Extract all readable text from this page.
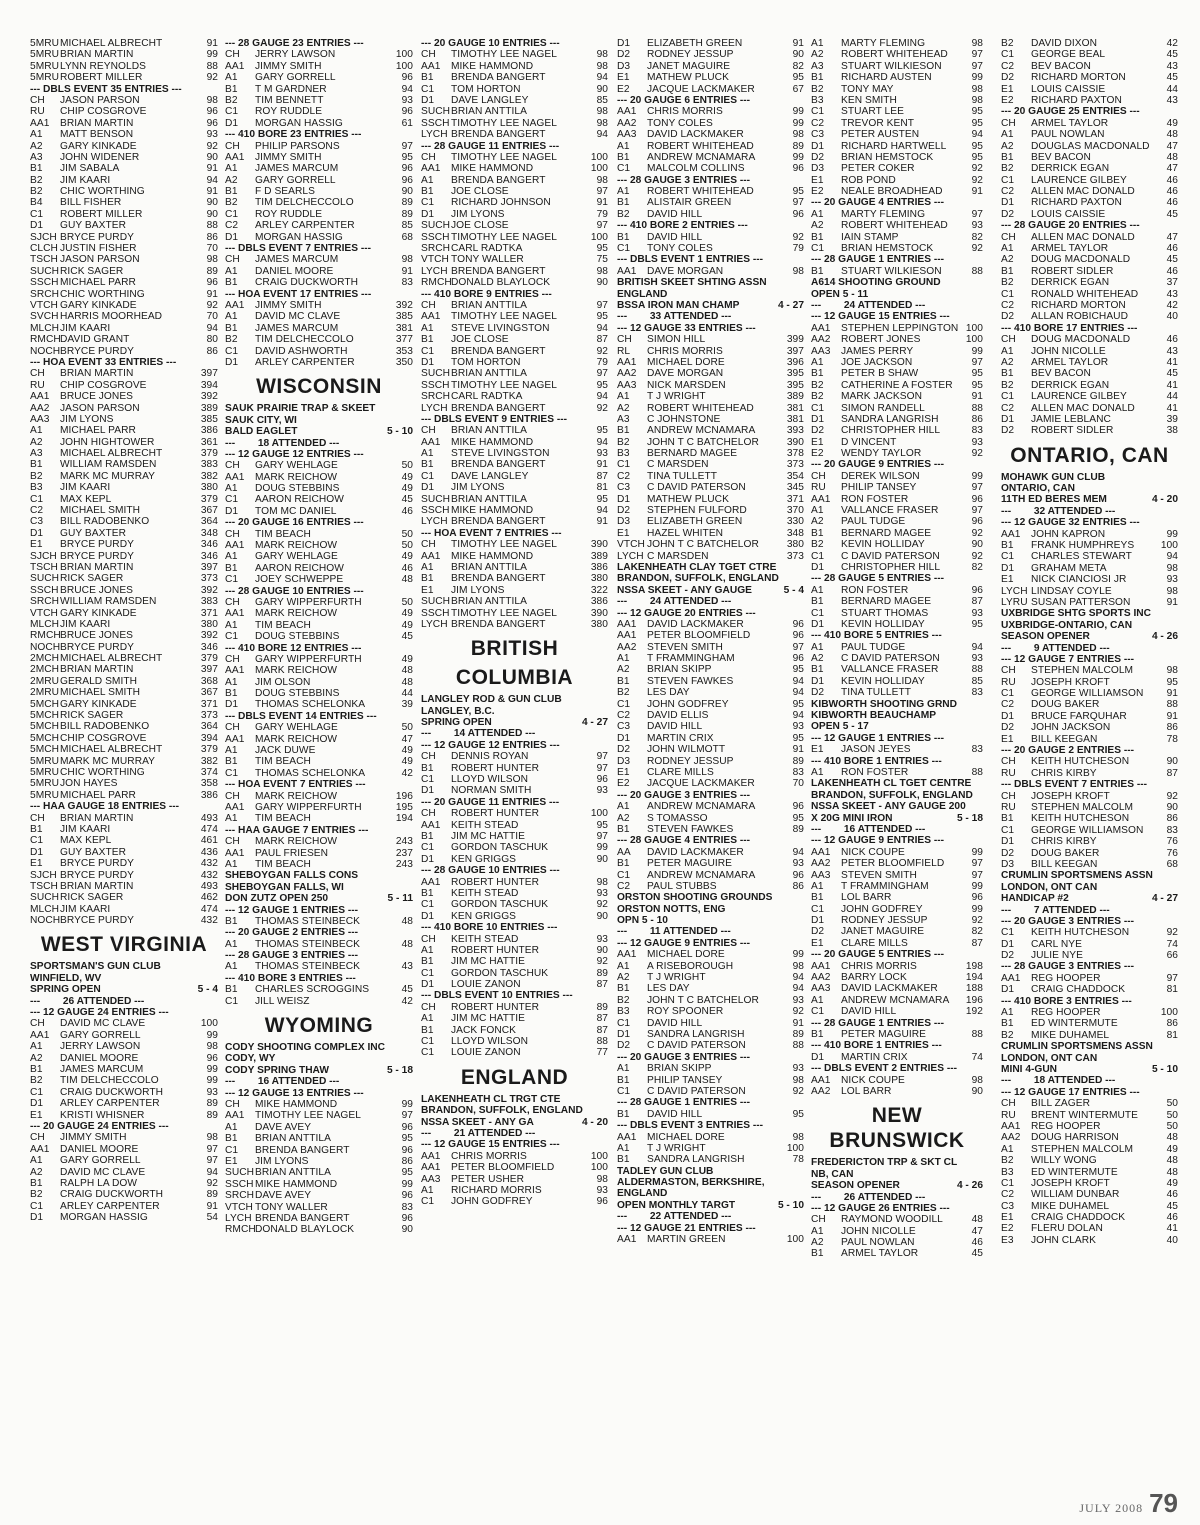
5MRU MICHAEL ALBRECHT	91
5MRU BRIAN MARTIN	99
5MRU LYNN REYNOLDS	88
5MRU ROBERT MILLER	92
--- DBLS EVENT 35 ENTRIES ---
CH	JASON PARSON	98
RU	CHIP COSGROVE	96
AA1	BRIAN MARTIN	96
A1	MATT BENSON	93
A2	GARY KINKADE	92
A3	JOHN WIDENER	90
B1	JIM SABALA	91
B2	JIM KAARI	94
B2	CHIC WORTHING	91
B4	BILL FISHER	90
C1	ROBERT MILLER	90
D1	GUY BAXTER	88
SJCH BRYCE PURDY	86
CLCH JUSTIN FISHER	70
TSCH JASON PARSON	98
SUCH RICK SAGER	89
SSCH MICHAEL PARR	96
SRCH CHIC WORTHING	91
VTCH GARY KINKADE	92
SVCH HARRIS MOORHEAD	70
MLCH JIM KAARI	94
RMCH DAVID GRANT	80
NOCH BRYCE PURDY	86
--- HOA EVENT 33 ENTRIES ---
CH	BRIAN MARTIN	397
RU	CHIP COSGROVE	394
AA1	BRUCE JONES	392
AA2	JASON PARSON	389
AA3	JIM LYONS	385
A1	MICHAEL PARR	386
A2	JOHN HIGHTOWER	361
A3	MICHAEL ALBRECHT	379
B1	WILLIAM RAMSDEN	383
B2	MARK MC MURRAY	382
B3	JIM KAARI	380
C1	MAX KEPL	379
C2	MICHAEL SMITH	367
C3	BILL RADOBENKO	364
D1	GUY BAXTER	348
E1	BRYCE PURDY	346
SJCH BRYCE PURDY	346
TSCH BRIAN MARTIN	397
SUCH RICK SAGER	373
SSCH BRUCE JONES	392
SRCH WILLIAM RAMSDEN	383
VTCH GARY KINKADE	371
MLCH JIM KAARI	380
RMCH BRUCE JONES	392
NOCH BRYCE PURDY	346
2MCH MICHAEL ALBRECHT	379
2MCH BRIAN MARTIN	397
2MRU GERALD SMITH	368
2MRU MICHAEL SMITH	367
5MCH GARY KINKADE	371
5MCH RICK SAGER	373
5MCH BILL RADOBENKO	364
5MCH CHIP COSGROVE	394
5MCH MICHAEL ALBRECHT	379
5MRU MARK MC MURRAY	382
5MRU CHIC WORTHING	374
5MRU JON HAYES	358
5MRU MICHAEL PARR	386
--- HAA GAUGE 18 ENTRIES ---
CH	BRIAN MARTIN	493
B1	JIM KAARI	474
C1	MAX KEPL	461
D1	GUY BAXTER	436
E1	BRYCE PURDY	432
SJCH BRYCE PURDY	432
TSCH BRIAN MARTIN	493
SUCH RICK SAGER	462
MLCH JIM KAARI	474
NOCH BRYCE PURDY	432
WEST VIRGINIA
SPORTSMAN'S GUN CLUB
WINFIELD, WV
SPRING OPEN	5 - 4
---        26 ATTENDED ---
--- 12 GAUGE 24 ENTRIES ---
CH	DAVID MC CLAVE	100
AA1	GARY GORRELL	99
A1	JERRY LAWSON	98
A2	DANIEL MOORE	96
B1	JAMES MARCUM	99
B2	TIM DELCHECCOLO	99
C1	CRAIG DUCKWORTH	93
D1	ARLEY CARPENTER	89
E1	KRISTI WHISNER	89
--- 20 GAUGE 24 ENTRIES ---
CH	JIMMY SMITH	98
AA1	DANIEL MOORE	97
A1	GARY GORRELL	97
A2	DAVID MC CLAVE	94
B1	RALPH LA DOW	92
B2	CRAIG DUCKWORTH	89
C1	ARLEY CARPENTER	91
D1	MORGAN HASSIG	54
--- 28 GAUGE 23 ENTRIES ---
CH	JERRY LAWSON	100
AA1	JIMMY SMITH	100
A1	GARY GORRELL	96
B1	T M GARDNER	94
B2	TIM BENNETT	93
C1	ROY RUDDLE	96
D1	MORGAN HASSIG	61
--- 410 BORE 23 ENTRIES ---
CH	PHILIP PARSONS	97
AA1	JIMMY SMITH	95
A1	JAMES MARCUM	96
A2	GARY GORRELL	96
B1	F D SEARLS	90
B2	TIM DELCHECCOLO	89
C1	ROY RUDDLE	89
C2	ARLEY CARPENTER	85
D1	MORGAN HASSIG	68
--- DBLS EVENT 7 ENTRIES ---
CH	JAMES MARCUM	98
A1	DANIEL MOORE	91
B1	CRAIG DUCKWORTH	83
--- HOA EVENT 17 ENTRIES ---
AA1	JIMMY SMITH	392
A1	DAVID MC CLAVE	385
B1	JAMES MARCUM	381
B2	TIM DELCHECCOLO	377
C1	DAVID ASHWORTH	353
D1	ARLEY CARPENTER	350
WISCONSIN
SAUK PRAIRIE TRAP & SKEET
SAUK CITY, WI
BALD EAGLET	5 - 10
---        18 ATTENDED ---
--- 12 GAUGE 12 ENTRIES ---
CH	GARY WEHLAGE	50
AA1	MARK REICHOW	49
A1	DOUG STEBBINS	49
C1	AARON REICHOW	45
D1	TOM MC DANIEL	46
--- 20 GAUGE 16 ENTRIES ---
CH	TIM BEACH	50
AA1	MARK REICHOW	50
A1	GARY WEHLAGE	49
B1	AARON REICHOW	46
C1	JOEY SCHWEPPE	48
--- 28 GAUGE 10 ENTRIES ---
CH	GARY WIPPERFURTH	50
AA1	MARK REICHOW	49
A1	TIM BEACH	49
C1	DOUG STEBBINS	45
--- 410 BORE 12 ENTRIES ---
CH	GARY WIPPERFURTH	49
AA1	MARK REICHOW	48
A1	JIM OLSON	48
B1	DOUG STEBBINS	44
D1	THOMAS SCHELONKA	39
--- DBLS EVENT 14 ENTRIES ---
CH	GARY WEHLAGE	50
AA1	MARK REICHOW	47
A1	JACK DUWE	49
B1	TIM BEACH	49
C1	THOMAS SCHELONKA	42
--- HOA EVENT 7 ENTRIES ---
CH	MARK REICHOW	196
AA1	GARY WIPPERFURTH	195
A1	TIM BEACH	194
--- HAA GAUGE 7 ENTRIES ---
CH	MARK REICHOW	243
AA1	PAUL FRIESEN	237
A1	TIM BEACH	243
SHEBOYGAN FALLS CONS
SHEBOYGAN FALLS, WI
DON ZUTZ OPEN 250	5 - 11
--- 12 GAUGE 1 ENTRIES ---
B1	THOMAS STEINBECK	48
--- 20 GAUGE 2 ENTRIES ---
A1	THOMAS STEINBECK	48
--- 28 GAUGE 3 ENTRIES ---
A1	THOMAS STEINBECK	43
--- 410 BORE 3 ENTRIES ---
B1	CHARLES SCROGGINS	45
C1	JILL WEISZ	42
WYOMING
CODY SHOOTING COMPLEX INC
CODY, WY
CODY SPRING THAW	5 - 18
---        16 ATTENDED ---
--- 12 GAUGE 13 ENTRIES ---
CH	MIKE HAMMOND	99
AA1	TIMOTHY LEE NAGEL	97
A1	DAVE AVEY	96
B1	BRIAN ANTTILA	95
C1	BRENDA BANGERT	96
E1	JIM LYONS	86
SUCH BRIAN ANTTILA	95
SSCH MIKE HAMMOND	99
SRCH DAVE AVEY	96
VTCH TONY WALLER	83
LYCH BRENDA BANGERT	96
RMCH DONALD BLAYLOCK	90
--- 20 GAUGE 10 ENTRIES ---
CH	TIMOTHY LEE NAGEL	98
AA1	MIKE HAMMOND	98
B1	BRENDA BANGERT	94
C1	TOM HORTON	90
D1	DAVE LANGLEY	85
SUCH BRIAN ANTTILA	98
SSCH TIMOTHY LEE NAGEL	98
LYCH BRENDA BANGERT	94
--- 28 GAUGE 11 ENTRIES ---
CH	TIMOTHY LEE NAGEL	100
AA1	MIKE HAMMOND	100
A1	BRENDA BANGERT	98
B1	JOE CLOSE	97
C1	RICHARD JOHNSON	91
D1	JIM LYONS	79
SUCH JOE CLOSE	97
SSCH TIMOTHY LEE NAGEL	100
SRCH CARL RADTKA	95
VTCH TONY WALLER	75
LYCH BRENDA BANGERT	98
RMCH DONALD BLAYLOCK	90
--- 410 BORE 9 ENTRIES ---
CH	BRIAN ANTTILA	97
AA1	TIMOTHY LEE NAGEL	95
A1	STEVE LIVINGSTON	94
B1	JOE CLOSE	87
C1	BRENDA BANGERT	92
D1	TOM HORTON	79
SUCH BRIAN ANTTILA	97
SSCH TIMOTHY LEE NAGEL	95
SRCH CARL RADTKA	94
LYCH BRENDA BANGERT	92
--- DBLS EVENT 9 ENTRIES ---
CH	BRIAN ANTTILA	95
AA1	MIKE HAMMOND	94
A1	STEVE LIVINGSTON	93
B1	BRENDA BANGERT	91
C1	DAVE LANGLEY	87
D1	JIM LYONS	81
SUCH BRIAN ANTTILA	95
SSCH MIKE HAMMOND	94
LYCH BRENDA BANGERT	91
--- HOA EVENT 7 ENTRIES ---
CH	TIMOTHY LEE NAGEL	390
AA1	MIKE HAMMOND	389
A1	BRIAN ANTTILA	386
B1	BRENDA BANGERT	380
E1	JIM LYONS	322
SUCH BRIAN ANTTILA	386
SSCH TIMOTHY LEE NAGEL	390
LYCH BRENDA BANGERT	380
BRITISH
COLUMBIA
LANGLEY ROD & GUN CLUB
LANGLEY, B.C.
SPRING OPEN	4 - 27
---        14 ATTENDED ---
--- 12 GAUGE 12 ENTRIES ---
CH	DENNIS ROYAN	97
B1	ROBERT HUNTER	97
C1	LLOYD WILSON	96
D1	NORMAN SMITH	93
--- 20 GAUGE 11 ENTRIES ---
CH	ROBERT HUNTER	100
AA1	KEITH STEAD	95
B1	JIM MC HATTIE	97
C1	GORDON TASCHUK	99
D1	KEN GRIGGS	90
--- 28 GAUGE 10 ENTRIES ---
AA1	ROBERT HUNTER	98
B1	KEITH STEAD	93
C1	GORDON TASCHUK	92
D1	KEN GRIGGS	90
--- 410 BORE 10 ENTRIES ---
CH	KEITH STEAD	93
A1	ROBERT HUNTER	90
B1	JIM MC HATTIE	92
C1	GORDON TASCHUK	89
D1	LOUIE ZANON	87
--- DBLS EVENT 10 ENTRIES ---
CH	ROBERT HUNTER	89
A1	JIM MC HATTIE	87
B1	JACK FONCK	87
C1	LLOYD WILSON	88
C1	LOUIE ZANON	77
ENGLAND
LAKENHEATH CL TRGT CTE
BRANDON, SUFFOLK, ENGLAND
NSSA SKEET - ANY GA	4 - 20
---        21 ATTENDED ---
--- 12 GAUGE 15 ENTRIES ---
AA1	CHRIS MORRIS	100
AA1	PETER BLOOMFIELD	100
AA3	PETER USHER	98
A1	RICHARD MORRIS	93
C1	JOHN GODFREY	96
D1	ELIZABETH GREEN	91
D2	RODNEY JESSUP	90
D3	JANET MAGUIRE	82
E1	MATHEW PLUCK	95
E2	JACQUE LACKMAKER	67
--- 20 GAUGE 6 ENTRIES ---
AA1	CHRIS MORRIS	99
AA2	TONY COLES	99
AA3	DAVID LACKMAKER	98
A1	ROBERT WHITEHEAD	89
B1	ANDREW MCNAMARA	99
C1	MALCOLM COLLINS	96
--- 28 GAUGE 3 ENTRIES ---
A1	ROBERT WHITEHEAD	95
B1	ALISTAIR GREEN	97
B2	DAVID HILL	96
--- 410 BORE 2 ENTRIES ---
B1	DAVID HILL	92
C1	TONY COLES	79
--- DBLS EVENT 1 ENTRIES ---
AA1	DAVE MORGAN	98
BRITISH SKEET SHTING ASSN
ENGLAND
BSSA IRON MAN CHAMP	4 - 27
---        33 ATTENDED ---
--- 12 GAUGE 33 ENTRIES ---
CH	SIMON HILL	399
RL	CHRIS MORRIS	397
AA1	MICHAEL DORE	396
AA2	DAVE MORGAN	395
AA3	NICK MARSDEN	395
A1	T J WRIGHT	389
A2	ROBERT WHITEHEAD	381
A3	C JOHNSTONE	381
B1	ANDREW MCNAMARA	393
B2	JOHN T C BATCHELOR	390
B3	BERNARD MAGEE	378
C1	C MARSDEN	373
C2	TINA TULLETT	354
C3	C DAVID PATERSON	345
D1	MATHEW PLUCK	371
D2	STEPHEN FULFORD	370
D3	ELIZABETH GREEN	330
E1	HAZEL WHITEN	348
VTCH JOHN T C BATCHELOR	380
LYCH C MARSDEN	373
LAKENHEATH CLAY TGET CTRE
BRANDON, SUFFOLK, ENGLAND
NSSA SKEET - ANY GAUGE	5 - 4
---        24 ATTENDED ---
--- 12 GAUGE 20 ENTRIES ---
AA1	DAVID LACKMAKER	96
AA1	PETER BLOOMFIELD	96
AA2	STEVEN SMITH	97
A1	T FRAMMINGHAM	96
A2	BRIAN SKIPP	95
B1	STEVEN FAWKES	94
B2	LES DAY	94
C1	JOHN GODFREY	95
C2	DAVID ELLIS	94
C3	DAVID HILL	93
D1	MARTIN CRIX	95
D2	JOHN WILMOTT	91
D3	RODNEY JESSUP	89
E1	CLARE MILLS	83
E2	JACQUE LACKMAKER	70
--- 20 GAUGE 3 ENTRIES ---
A1	ANDREW MCNAMARA	96
A2	S TOMASSO	95
B1	STEVEN FAWKES	89
--- 28 GAUGE 4 ENTRIES ---
AA	DAVID LACKMAKER	94
B1	PETER MAGUIRE	93
C1	ANDREW MCNAMARA	96
C2	PAUL STUBBS	86
ORSTON SHOOTING GROUNDS
ORSTON NOTTS, ENG
OPN 5 - 10
---        11 ATTENDED ---
--- 12 GAUGE 9 ENTRIES ---
AA1	MICHAEL DORE	99
A1	A RISEBOROUGH	98
A2	T J WRIGHT	94
B1	LES DAY	94
B2	JOHN T C BATCHELOR	93
B3	ROY SPOONER	92
C1	DAVID HILL	91
D1	SANDRA LANGRISH	89
D2	C DAVID PATERSON	88
--- 20 GAUGE 3 ENTRIES ---
A1	BRIAN SKIPP	93
B1	PHILIP TANSEY	98
C1	C DAVID PATERSON	92
--- 28 GAUGE 1 ENTRIES ---
B1	DAVID HILL	95
--- DBLS EVENT 3 ENTRIES ---
AA1	MICHAEL DORE	98
A1	T J WRIGHT	100
B1	SANDRA LANGRISH	78
TADLEY GUN CLUB
ALDERMASTON, BERKSHIRE,
ENGLAND
OPEN MONTHLY TARGT	5 - 10
---        22 ATTENDED ---
--- 12 GAUGE 21 ENTRIES ---
AA1	MARTIN GREEN	100
A1	MARTY FLEMING	98
A2	ROBERT WHITEHEAD	97
A3	STUART WILKIESON	97
B1	RICHARD AUSTEN	99
B2	TONY MAY	98
B3	KEN SMITH	98
C1	STUART LEE	95
C2	TREVOR KENT	95
C3	PETER AUSTEN	94
D1	RICHARD HARTWELL	95
D2	BRIAN HEMSTOCK	95
D3	PETER COKER	92
E1	ROB POND	92
E2	NEALE BROADHEAD	91
--- 20 GAUGE 4 ENTRIES ---
A1	MARTY FLEMING	97
A2	ROBERT WHITEHEAD	93
B1	IAIN STAMP	82
C1	BRIAN HEMSTOCK	92
--- 28 GAUGE 1 ENTRIES ---
B1	STUART WILKIESON	88
A614 SHOOTING GROUND
OPEN 5 - 11
---        24 ATTENDED ---
--- 12 GAUGE 15 ENTRIES ---
AA1	STEPHEN LEPPINGTON 100
AA2	ROBERT JONES	100
AA3	JAMES PERRY	99
A1	JOE JACKSON	97
B1	PETER B SHAW	95
B2	CATHERINE A FOSTER	95
B2	MARK JACKSON	91
C1	SIMON RANDELL	88
D1	SANDRA LANGRISH	86
D2	CHRISTOPHER HILL	83
E1	D VINCENT	93
E2	WENDY TAYLOR	92
--- 20 GAUGE 9 ENTRIES ---
CH	DEREK WILSON	99
RU	PHILIP TANSEY	97
AA1	RON FOSTER	96
A1	VALLANCE FRASER	97
A2	PAUL TUDGE	96
B1	BERNARD MAGEE	92
B2	KEVIN HOLLIDAY	90
C1	C DAVID PATERSON	92
D1	CHRISTOPHER HILL	82
--- 28 GAUGE 5 ENTRIES ---
A1	RON FOSTER	96
B1	BERNARD MAGEE	87
C1	STUART THOMAS	93
D1	KEVIN HOLLIDAY	95
--- 410 BORE 5 ENTRIES ---
A1	PAUL TUDGE	94
A2	C DAVID PATERSON	93
B1	VALLANCE FRASER	88
D1	KEVIN HOLLIDAY	85
D2	TINA TULLETT	83
KIBWORTH SHOOTING GRND
KIBWORTH BEAUCHAMP
OPEN 5 - 17
--- 12 GAUGE 1 ENTRIES ---
E1	JASON JEYES	83
--- 410 BORE 1 ENTRIES ---
A1	RON FOSTER	88
LAKENHEATH CL TGET CENTRE
BRANDON, SUFFOLK, ENGLAND
NSSA SKEET - ANY GAUGE 200
X 20G MINI IRON	5 - 18
---        16 ATTENDED ---
--- 12 GAUGE 9 ENTRIES ---
AA1	NICK COUPE	99
AA2	PETER BLOOMFIELD	97
AA3	STEVEN SMITH	97
A1	T FRAMMINGHAM	99
B1	LOL BARR	96
C1	JOHN GODFREY	99
D1	RODNEY JESSUP	92
D2	JANET MAGUIRE	82
E1	CLARE MILLS	87
--- 20 GAUGE 5 ENTRIES ---
AA1	CHRIS MORRIS	198
AA2	BARRY LOCK	194
AA3	DAVID LACKMAKER	188
A1	ANDREW MCNAMARA	196
C1	DAVID HILL	192
--- 28 GAUGE 1 ENTRIES ---
B1	PETER MAGUIRE	88
--- 410 BORE 1 ENTRIES ---
D1	MARTIN CRIX	74
--- DBLS EVENT 2 ENTRIES ---
AA1	NICK COUPE	98
AA2	LOL BARR	90
NEW BRUNSWICK
FREDERICTON TRP & SKT CL
NB, CAN
SEASON OPENER	4 - 26
---        26 ATTENDED ---
--- 12 GAUGE 26 ENTRIES ---
CH	RAYMOND WOODILL	48
A1	JOHN NICOLLE	47
A2	PAUL NOWLAN	46
B1	ARMEL TAYLOR	45
B2	DAVID DIXON	42
C1	GEORGE BEAL	45
C2	BEV BACON	43
D2	RICHARD MORTON	45
E1	LOUIS CAISSIE	44
E2	RICHARD PAXTON	43
--- 20 GAUGE 25 ENTRIES ---
CH	ARMEL TAYLOR	49
A1	PAUL NOWLAN	48
A2	DOUGLAS MACDONALD	47
B1	BEV BACON	48
B2	DERRICK EGAN	47
C1	LAURENCE GILBEY	46
C2	ALLEN MAC DONALD	46
D1	RICHARD PAXTON	46
D2	LOUIS CAISSIE	45
--- 28 GAUGE 20 ENTRIES ---
CH	ALLEN MAC DONALD	47
A1	ARMEL TAYLOR	46
A2	DOUG MACDONALD	45
B1	ROBERT SIDLER	46
B2	DERRICK EGAN	37
C1	RONALD WHITEHEAD	43
C2	RICHARD MORTON	42
D2	ALLAN ROBICHAUD	40
--- 410 BORE 17 ENTRIES ---
CH	DOUG MACDONALD	46
A1	JOHN NICOLLE	43
A2	ARMEL TAYLOR	41
B1	BEV BACON	45
B2	DERRICK EGAN	41
C1	LAURENCE GILBEY	44
C2	ALLEN MAC DONALD	41
D1	JAMIE LEBLANC	39
D2	ROBERT SIDLER	38
ONTARIO, CAN
MOHAWK GUN CLUB
ONTARIO, CAN
11TH ED BERES MEM	4 - 20
---        32 ATTENDED ---
--- 12 GAUGE 32 ENTRIES ---
AA1	JOHN KAPRON	99
B1	FRANK HUMPHREYS	100
C1	CHARLES STEWART	94
D1	GRAHAM META	98
E1	NICK CIANCIOSI JR	93
LYCH LINDSAY COYLE	98
LYRU SUSAN PATTERSON	91
UXBRIDGE SHTG SPORTS INC
UXBRIDGE-ONTARIO, CAN
SEASON OPENER	4 - 26
---        9 ATTENDED ---
--- 12 GAUGE 7 ENTRIES ---
CH	STEPHEN MALCOLM	98
RU	JOSEPH KROFT	95
C1	GEORGE WILLIAMSON	91
C2	DOUG BAKER	88
D1	BRUCE FARQUHAR	91
D2	JOHN JACKSON	86
E1	BILL KEEGAN	78
--- 20 GAUGE 2 ENTRIES ---
CH	KEITH HUTCHESON	90
RU	CHRIS KIRBY	87
--- DBLS EVENT 7 ENTRIES ---
CH	JOSEPH KROFT	92
RU	STEPHEN MALCOLM	90
B1	KEITH HUTCHESON	86
C1	GEORGE WILLIAMSON	83
D1	CHRIS KIRBY	76
D2	DOUG BAKER	76
D3	BILL KEEGAN	68
CRUMLIN SPORTSMENS ASSN
LONDON, ONT CAN
HANDICAP #2	4 - 27
---        7 ATTENDED ---
--- 20 GAUGE 3 ENTRIES ---
C1	KEITH HUTCHESON	92
D1	CARL NYE	74
D2	JULIE NYE	66
--- 28 GAUGE 3 ENTRIES ---
AA1	REG HOOPER	97
D1	CRAIG CHADDOCK	81
--- 410 BORE 3 ENTRIES ---
A1	REG HOOPER	100
B1	ED WINTERMUTE	86
B2	MIKE DUHAMEL	81
CRUMLIN SPORTSMENS ASSN
LONDON, ONT CAN
MINI 4-GUN	5 - 10
---        18 ATTENDED ---
--- 12 GAUGE 17 ENTRIES ---
CH	BILL ZAGER	50
RU	BRENT WINTERMUTE	50
AA1	REG HOOPER	50
AA2	DOUG HARRISON	48
A1	STEPHEN MALCOLM	49
B2	WILLY WONG	48
B3	ED WINTERMUTE	48
C1	JOSEPH KROFT	49
C2	WILLIAM DUNBAR	46
C3	MIKE DUHAMEL	45
E1	CRAIG CHADDOCK	46
E2	FLERU DOLAN	41
E3	JOHN CLARK	40
JULY 2008 79
